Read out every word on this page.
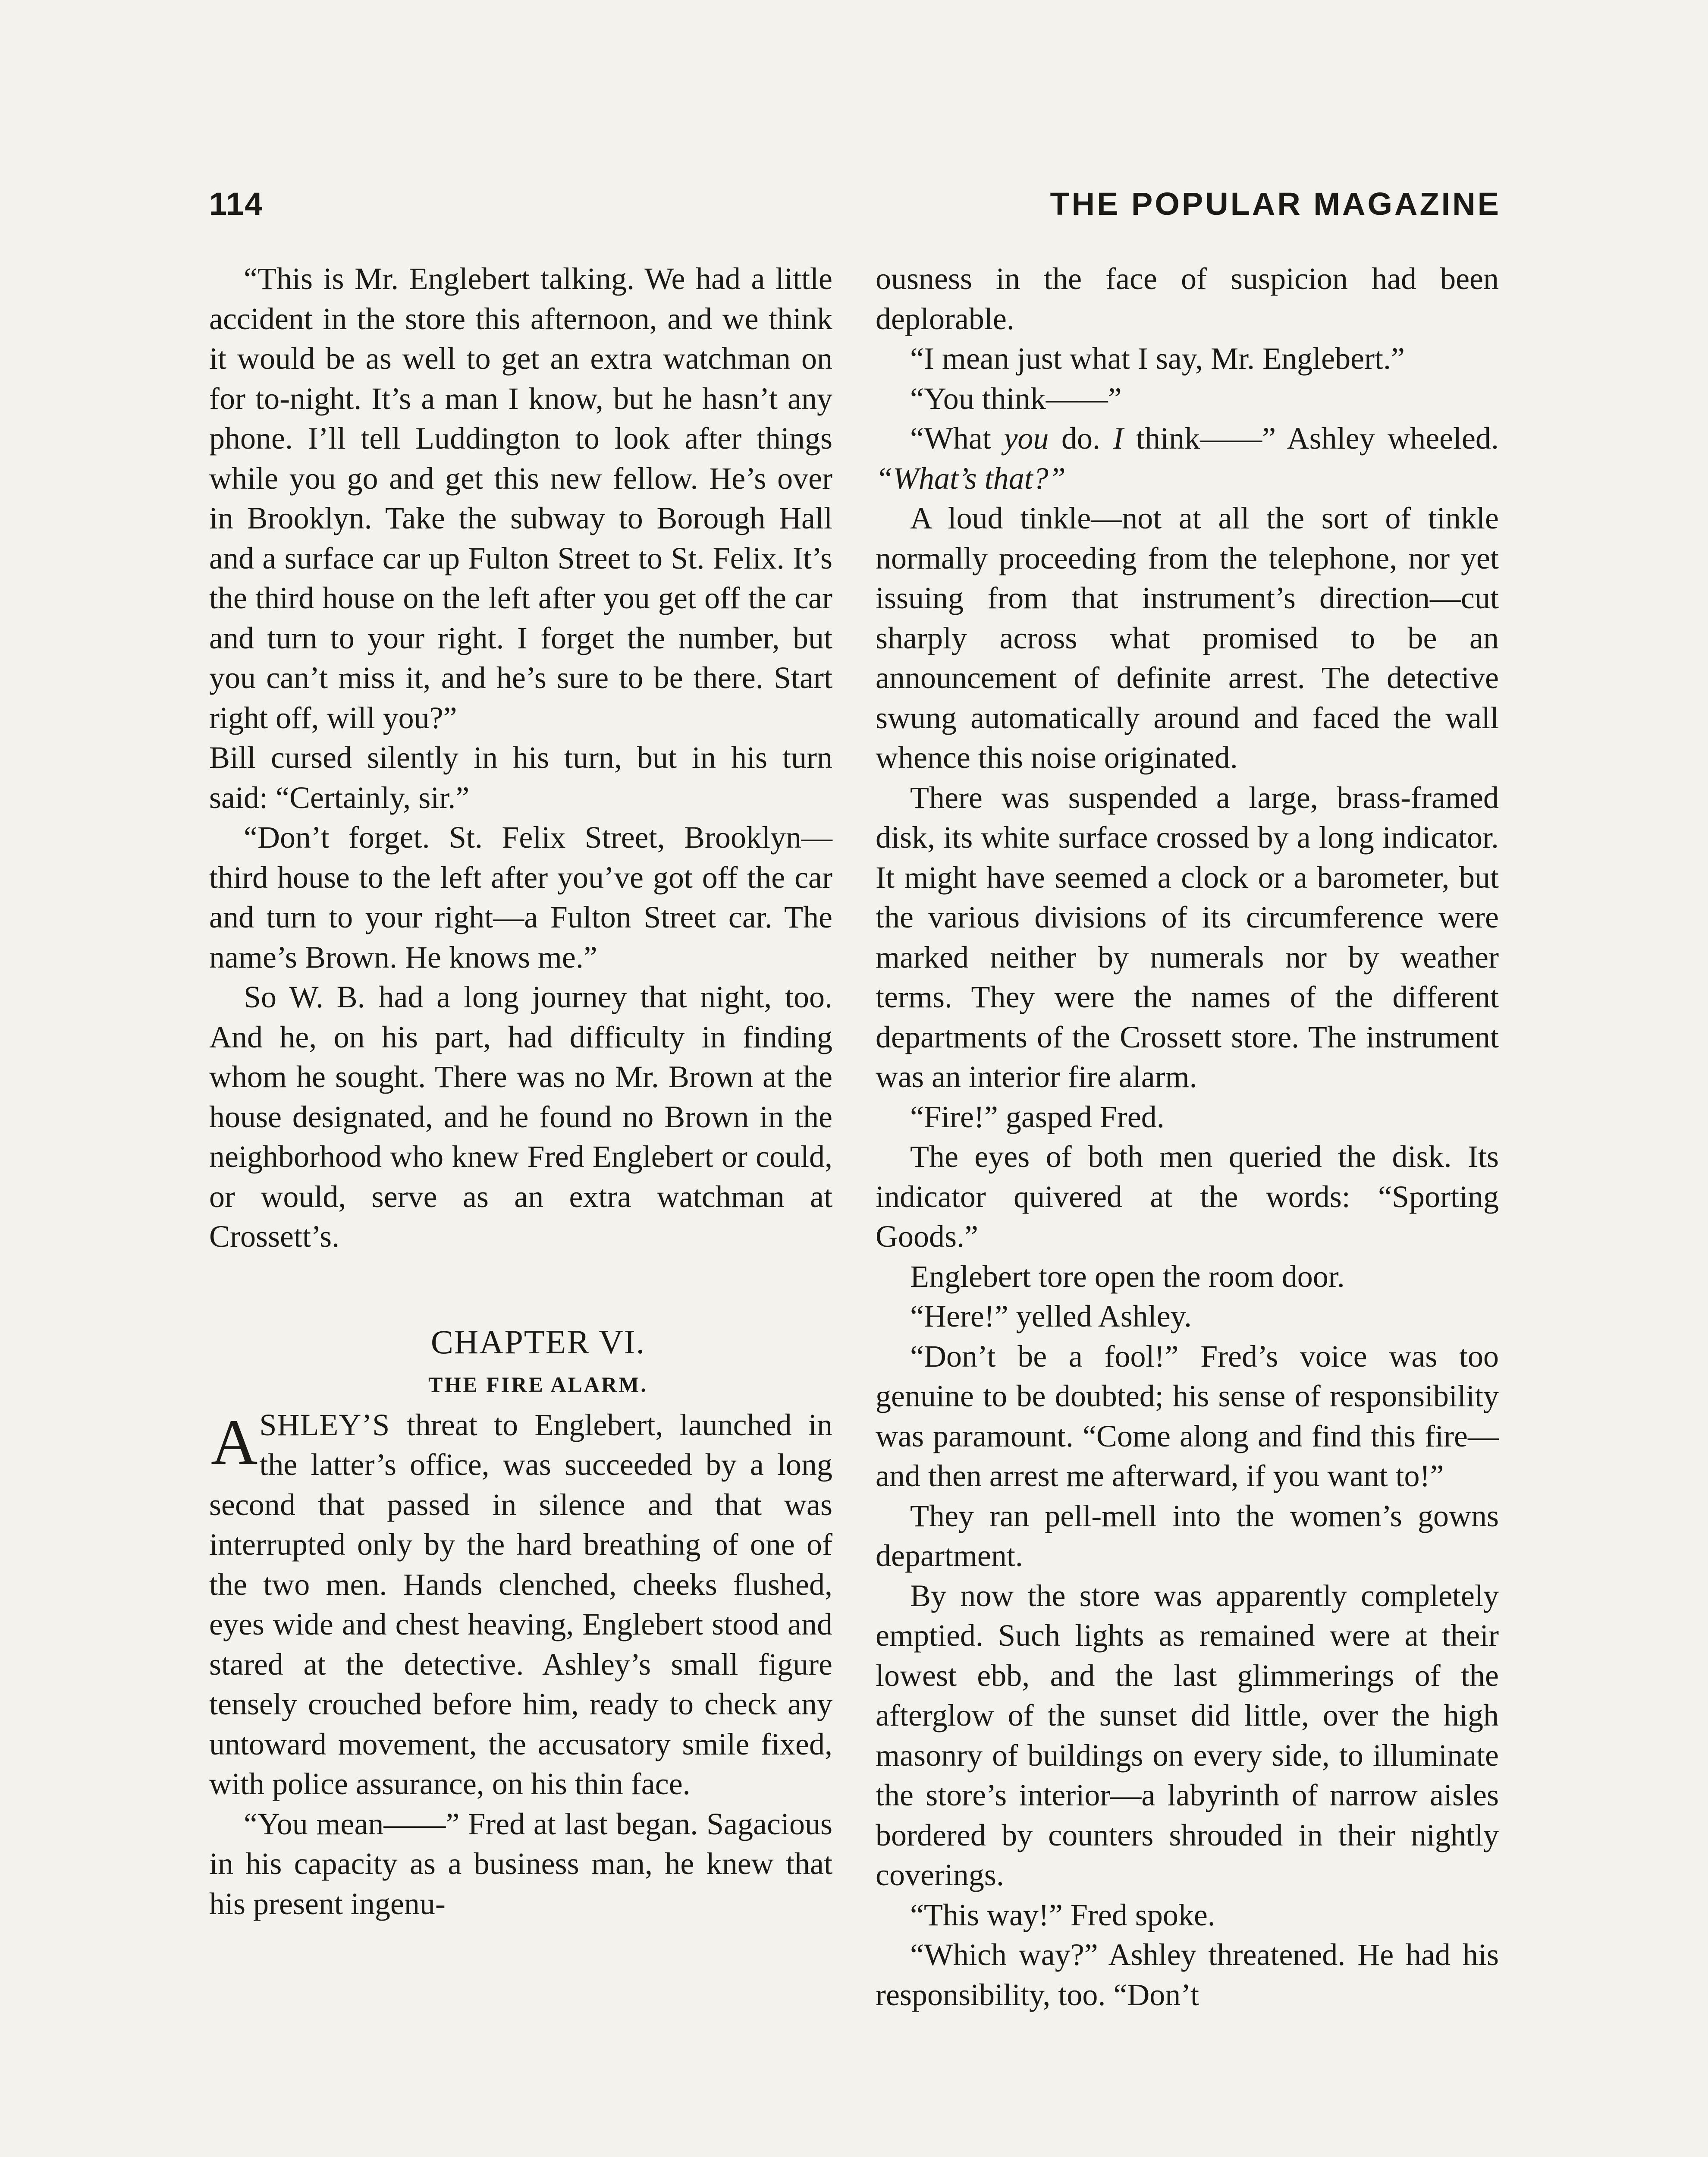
114	THE POPULAR MAGAZINE

“This is Mr. Englebert talking. We had a little accident in the store this afternoon, and we think it would be as well to get an extra watchman on for to-night. It’s a man I know, but he hasn’t any phone. I’ll tell Luddington to look after things while you go and get this new fellow. He’s over in Brooklyn. Take the subway to Borough Hall and a surface car up Fulton Street to St. Felix. It’s the third house on the left after you get off the car and turn to your right. I forget the number, but you can’t miss it, and he’s sure to be there. Start right off, will you?”

Bill cursed silently in his turn, but in his turn said: “Certainly, sir.”

“Don’t forget. St. Felix Street, Brooklyn—third house to the left after you’ve got off the car and turn to your right—a Fulton Street car. The name’s Brown. He knows me.”

So W. B. had a long journey that night, too. And he, on his part, had difficulty in finding whom he sought. There was no Mr. Brown at the house designated, and he found no Brown in the neighborhood who knew Fred Englebert or could, or would, serve as an extra watchman at Crossett’s.

CHAPTER VI.

THE FIRE ALARM.

ASHLEY’S threat to Englebert, launched in the latter’s office, was succeeded by a long second that passed in silence and that was interrupted only by the hard breathing of one of the two men. Hands clenched, cheeks flushed, eyes wide and chest heaving, Englebert stood and stared at the detective. Ashley’s small figure tensely crouched before him, ready to check any untoward movement, the accusatory smile fixed, with police assurance, on his thin face.

“You mean——” Fred at last began. Sagacious in his capacity as a business man, he knew that his present ingenu-

ousness in the face of suspicion had been deplorable.

“I mean just what I say, Mr. Englebert.”

“You think——”

“What you do. I think——” Ashley wheeled. “What’s that?”

A loud tinkle—not at all the sort of tinkle normally proceeding from the telephone, nor yet issuing from that instrument’s direction—cut sharply across what promised to be an announcement of definite arrest. The detective swung automatically around and faced the wall whence this noise originated.

There was suspended a large, brass-framed disk, its white surface crossed by a long indicator. It might have seemed a clock or a barometer, but the various divisions of its circumference were marked neither by numerals nor by weather terms. They were the names of the different departments of the Crossett store. The instrument was an interior fire alarm.

“Fire!” gasped Fred.

The eyes of both men queried the disk. Its indicator quivered at the words: “Sporting Goods.”

Englebert tore open the room door.

“Here!” yelled Ashley.

“Don’t be a fool!” Fred’s voice was too genuine to be doubted; his sense of responsibility was paramount. “Come along and find this fire—and then arrest me afterward, if you want to!”

They ran pell-mell into the women’s gowns department.

By now the store was apparently completely emptied. Such lights as remained were at their lowest ebb, and the last glimmerings of the afterglow of the sunset did little, over the high masonry of buildings on every side, to illuminate the store’s interior—a labyrinth of narrow aisles bordered by counters shrouded in their nightly coverings.

“This way!” Fred spoke.

“Which way?” Ashley threatened. He had his responsibility, too. “Don’t
